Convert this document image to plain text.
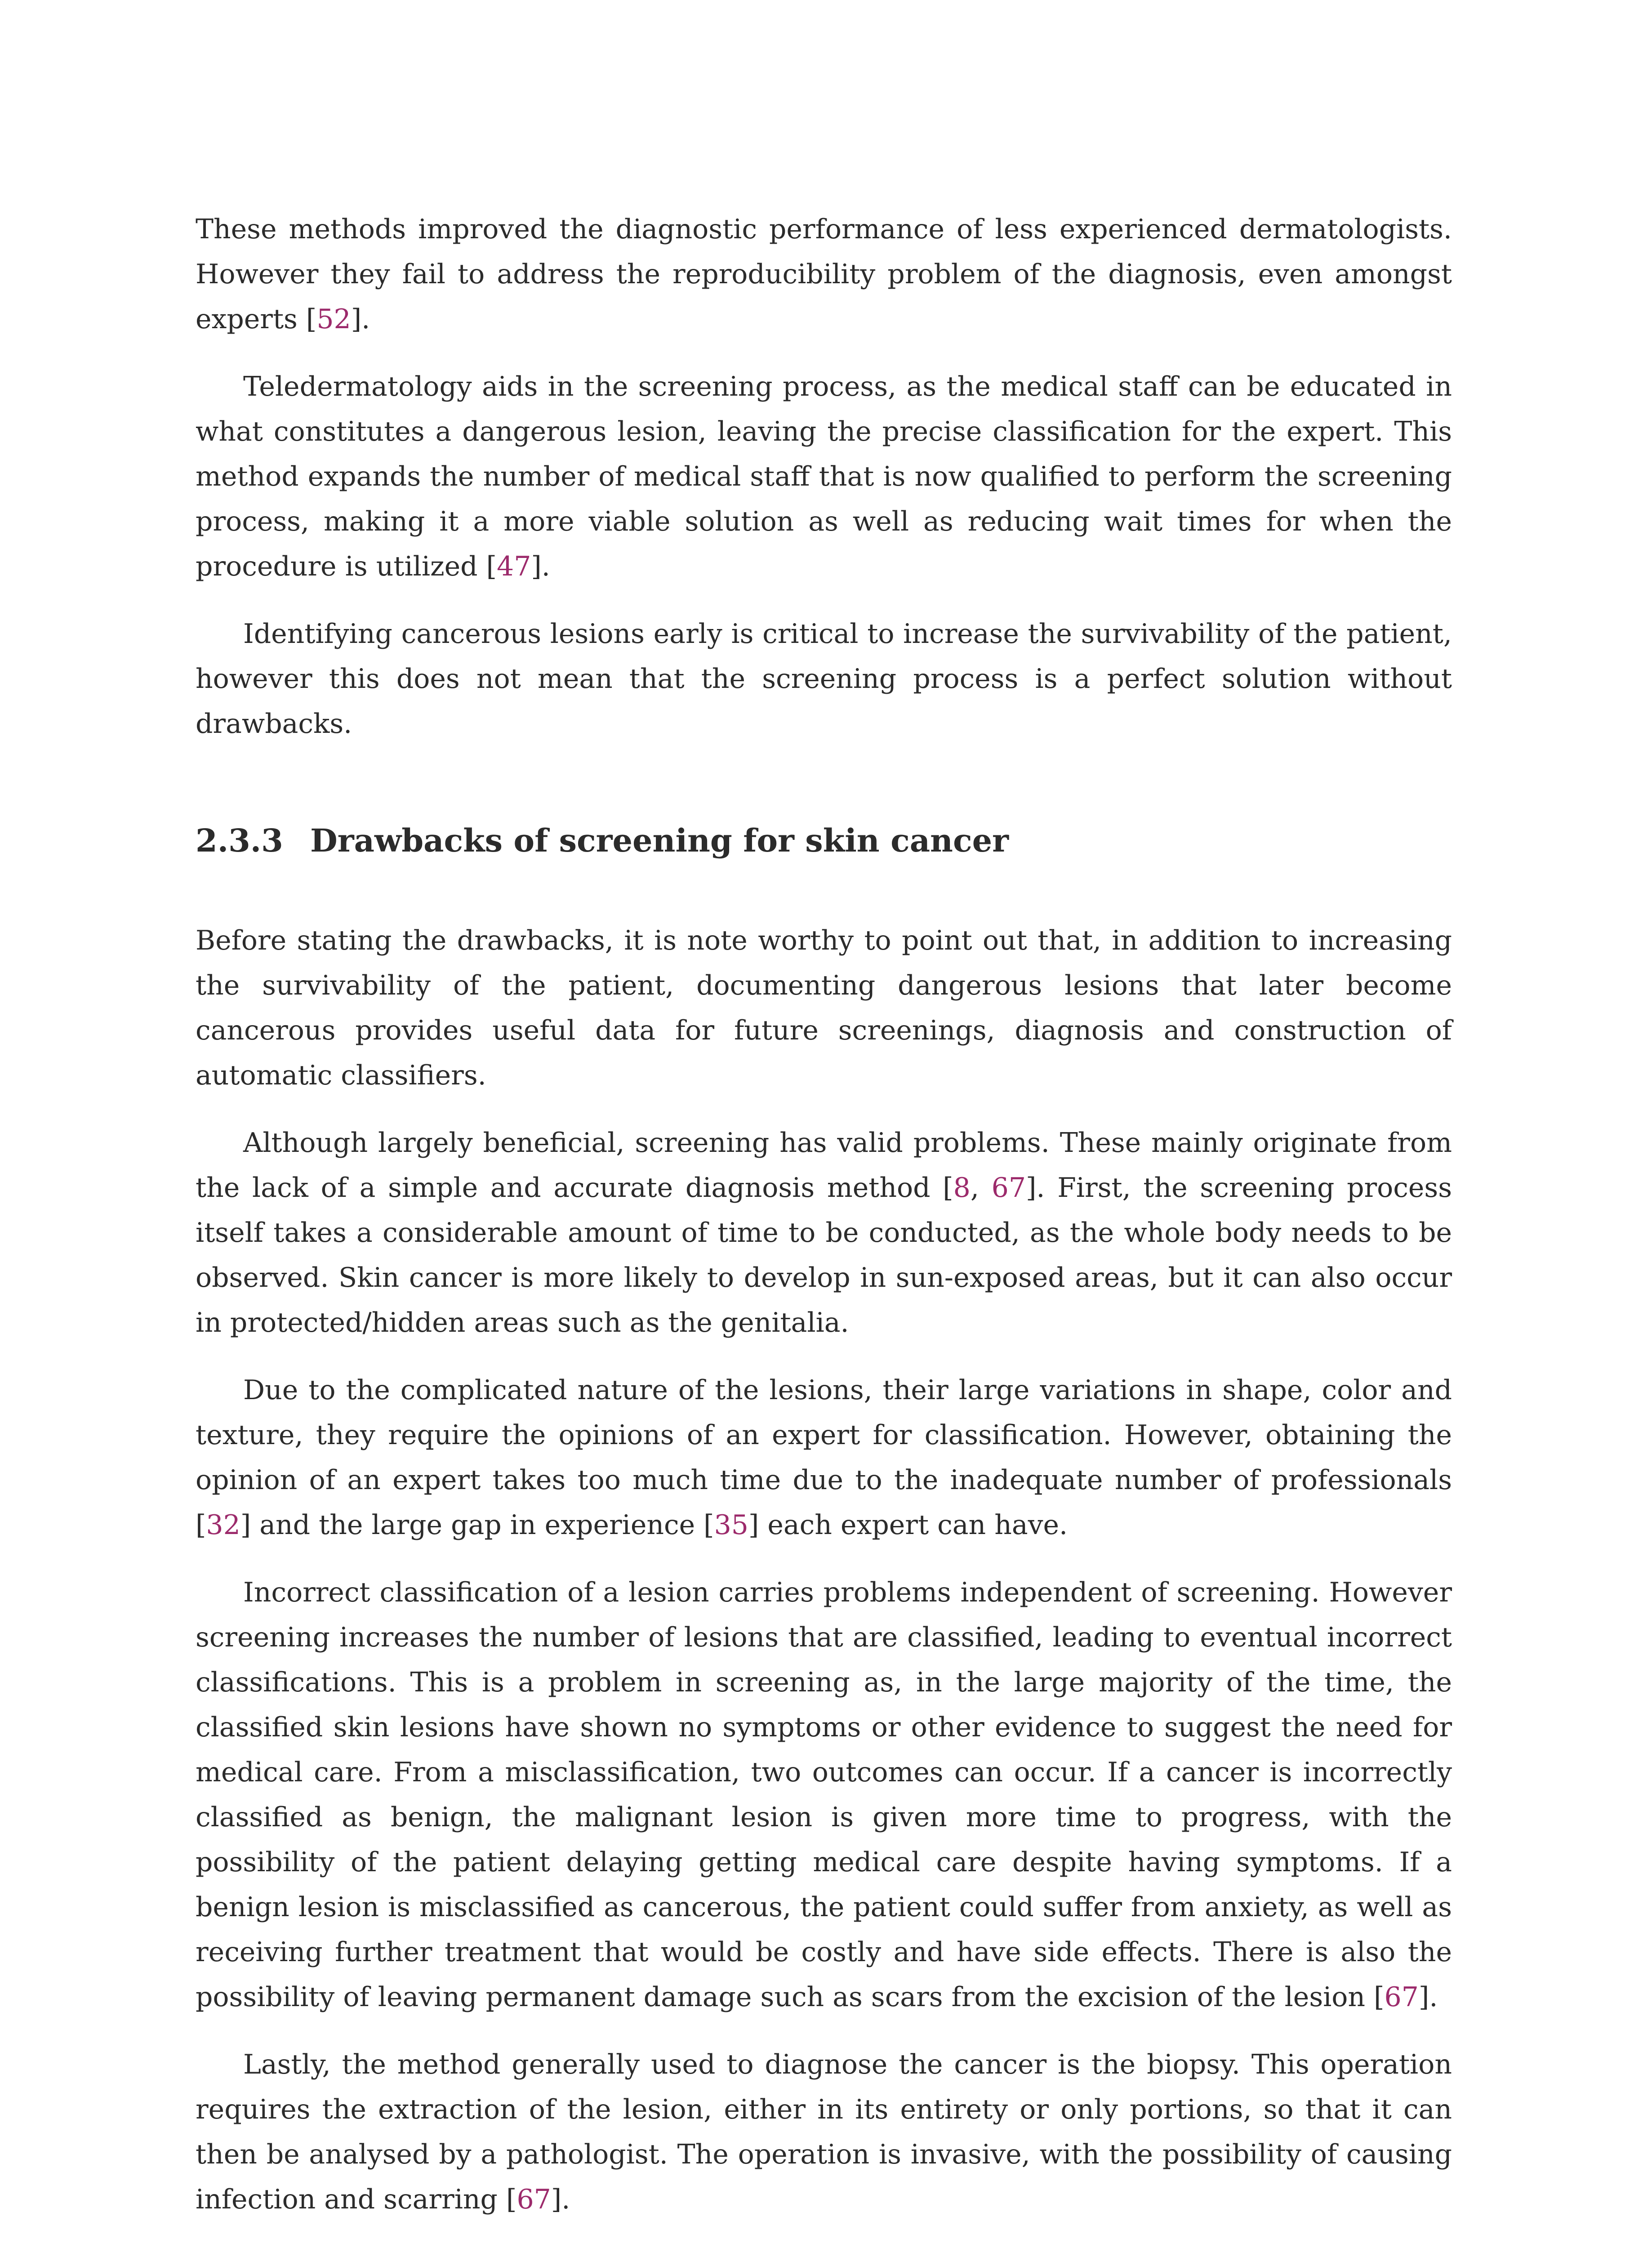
These methods improved the diagnostic performance of less experienced dermatologists. However they fail to address the reproducibility problem of the diagnosis, even amongst experts [52].

Teledermatology aids in the screening process, as the medical staff can be educated in what constitutes a dangerous lesion, leaving the precise classification for the expert. This method expands the number of medical staff that is now qualified to perform the screening process, making it a more viable solution as well as reducing wait times for when the procedure is utilized [47].

Identifying cancerous lesions early is critical to increase the survivability of the patient, however this does not mean that the screening process is a perfect solution without drawbacks.

2.3.3 Drawbacks of screening for skin cancer

Before stating the drawbacks, it is note worthy to point out that, in addition to increasing the survivability of the patient, documenting dangerous lesions that later become cancerous provides useful data for future screenings, diagnosis and construction of automatic classifiers.

Although largely beneficial, screening has valid problems. These mainly originate from the lack of a simple and accurate diagnosis method [8, 67]. First, the screening process itself takes a considerable amount of time to be conducted, as the whole body needs to be observed. Skin cancer is more likely to develop in sun-exposed areas, but it can also occur in protected/hidden areas such as the genitalia.

Due to the complicated nature of the lesions, their large variations in shape, color and texture, they require the opinions of an expert for classification. However, obtaining the opinion of an expert takes too much time due to the inadequate number of professionals [32] and the large gap in experience [35] each expert can have.

Incorrect classification of a lesion carries problems independent of screening. However screening increases the number of lesions that are classified, leading to eventual incorrect classifications. This is a problem in screening as, in the large majority of the time, the classified skin lesions have shown no symptoms or other evidence to suggest the need for medical care. From a misclassification, two outcomes can occur. If a cancer is incorrectly classified as benign, the malignant lesion is given more time to progress, with the possibility of the patient delaying getting medical care despite having symptoms. If a benign lesion is misclassified as cancerous, the patient could suffer from anxiety, as well as receiving further treatment that would be costly and have side effects. There is also the possibility of leaving permanent damage such as scars from the excision of the lesion [67].

Lastly, the method generally used to diagnose the cancer is the biopsy. This operation requires the extraction of the lesion, either in its entirety or only portions, so that it can then be analysed by a pathologist. The operation is invasive, with the possibility of causing infection and scarring [67].
